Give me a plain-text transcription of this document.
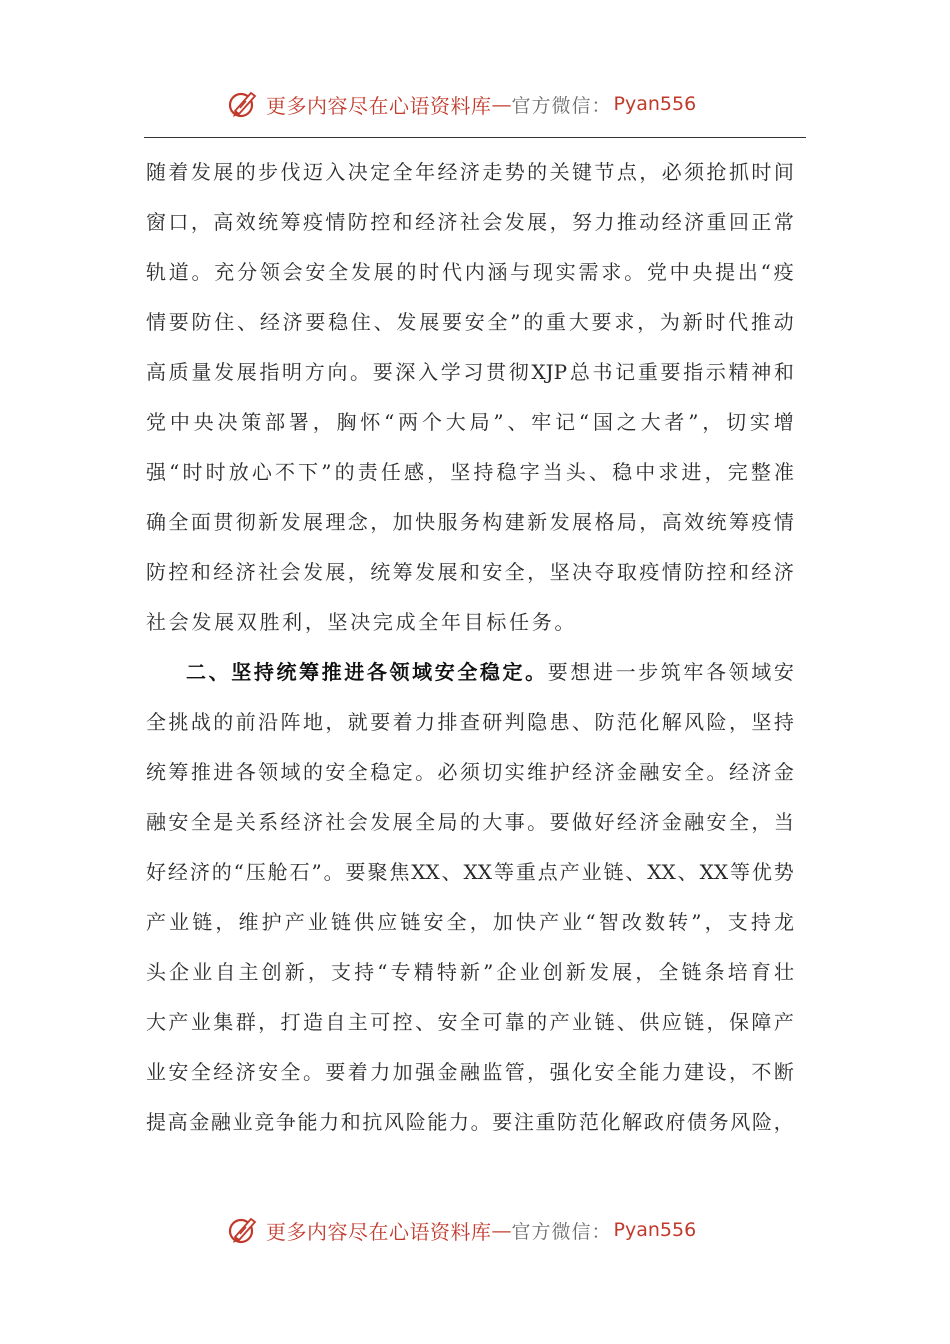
更多内容尽在心语资料库 — 官方微信： Pyan556
随 着 发 展 的 步 伐 迈 入 决 定 全 年 经 济 走 势 的 关 键 节 点 ， 必 须 抢 抓 时 间
窗 口 ， 高 效 统 筹 疫 情 防 控 和 经 济 社 会 发 展 ， 努 力 推 动 经 济 重 回 正 常
轨 道 。 充 分 领 会 安 全 发 展 的 时 代 内 涵 与 现 实 需 求 。 党 中 央 提 出 “ 疫
情 要 防 住 、 经 济 要 稳 住 、 发 展 要 安 全 ” 的 重 大 要 求 ， 为 新 时 代 推 动
高 质 量 发 展 指 明 方 向 。 要 深 入 学 习 贯 彻 XJP 总 书 记 重 要 指 示 精 神 和
党 中 央 决 策 部 署 ， 胸 怀 “ 两 个 大 局 ” 、 牢 记 “ 国 之 大 者 ” ， 切 实 增
强 “ 时 时 放 心 不 下 ” 的 责 任 感 ， 坚 持 稳 字 当 头 、 稳 中 求 进 ， 完 整 准
确 全 面 贯 彻 新 发 展 理 念 ， 加 快 服 务 构 建 新 发 展 格 局 ， 高 效 统 筹 疫 情
防 控 和 经 济 社 会 发 展 ， 统 筹 发 展 和 安 全 ， 坚 决 夺 取 疫 情 防 控 和 经 济
社 会 发 展 双 胜 利 ， 坚 决 完 成 全 年 目 标 任 务 。
二 、 坚 持 统 筹 推 进 各 领 域 安 全 稳 定 。 要 想 进 一 步 筑 牢 各 领 域 安
全 挑 战 的 前 沿 阵 地 ， 就 要 着 力 排 查 研 判 隐 患 、 防 范 化 解 风 险 ， 坚 持
统 筹 推 进 各 领 域 的 安 全 稳 定 。 必 须 切 实 维 护 经 济 金 融 安 全 。 经 济 金
融 安 全 是 关 系 经 济 社 会 发 展 全 局 的 大 事 。 要 做 好 经 济 金 融 安 全 ， 当
好 经 济 的 “ 压 舱 石 ” 。 要 聚 焦 XX 、 XX 等 重 点 产 业 链 、 XX 、 XX 等 优 势
产 业 链 ， 维 护 产 业 链 供 应 链 安 全 ， 加 快 产 业 “ 智 改 数 转 ” ， 支 持 龙
头 企 业 自 主 创 新 ， 支 持 “ 专 精 特 新 ” 企 业 创 新 发 展 ， 全 链 条 培 育 壮
大 产 业 集 群 ， 打 造 自 主 可 控 、 安 全 可 靠 的 产 业 链 、 供 应 链 ， 保 障 产
业 安 全 经 济 安 全 。 要 着 力 加 强 金 融 监 管 ， 强 化 安 全 能 力 建 设 ， 不 断
提 高 金 融 业 竞 争 能 力 和 抗 风 险 能 力 。 要 注 重 防 范 化 解 政 府 债 务 风 险 ，
更多内容尽在心语资料库 — 官方微信： Pyan556
